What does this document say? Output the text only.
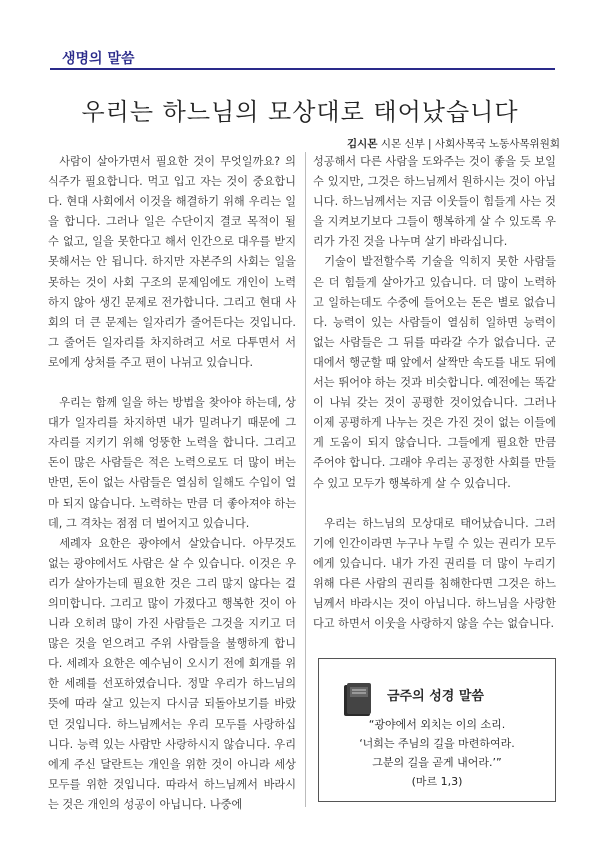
생명의 말씀
우리는 하느님의 모상대로 태어났습니다
김시몬 시몬 신부 | 사회사목국 노동사목위원회

사람이 살아가면서 필요한 것이 무엇일까요? 의식주가 필요합니다. 먹고 입고 자는 것이 중요합니다. 현대 사회에서 이것을 해결하기 위해 우리는 일을 합니다. 그러나 일은 수단이지 결코 목적이 될 수 없고, 일을 못한다고 해서 인간으로 대우를 받지 못해서는 안 됩니다. 하지만 자본주의 사회는 일을 못하는 것이 사회 구조의 문제임에도 개인이 노력하지 않아 생긴 문제로 전가합니다. 그리고 현대 사회의 더 큰 문제는 일자리가 줄어든다는 것입니다. 그 줄어든 일자리를 차지하려고 서로 다투면서 서로에게 상처를 주고 편이 나뉘고 있습니다.

우리는 함께 일을 하는 방법을 찾아야 하는데, 상대가 일자리를 차지하면 내가 밀려나기 때문에 그 자리를 지키기 위해 엉뚱한 노력을 합니다. 그리고 돈이 많은 사람들은 적은 노력으로도 더 많이 버는 반면, 돈이 없는 사람들은 열심히 일해도 수입이 얼마 되지 않습니다. 노력하는 만큼 더 좋아져야 하는데, 그 격차는 점점 더 벌어지고 있습니다.

세례자 요한은 광야에서 살았습니다. 아무것도 없는 광야에서도 사람은 살 수 있습니다. 이것은 우리가 살아가는데 필요한 것은 그리 많지 않다는 걸 의미합니다. 그리고 많이 가졌다고 행복한 것이 아니라 오히려 많이 가진 사람들은 그것을 지키고 더 많은 것을 얻으려고 주위 사람들을 불행하게 합니다. 세례자 요한은 예수님이 오시기 전에 회개를 위한 세례를 선포하였습니다. 정말 우리가 하느님의 뜻에 따라 살고 있는지 다시금 되돌아보기를 바랐던 것입니다. 하느님께서는 우리 모두를 사랑하십니다. 능력 있는 사람만 사랑하시지 않습니다. 우리에게 주신 달란트는 개인을 위한 것이 아니라 세상 모두를 위한 것입니다. 따라서 하느님께서 바라시는 것은 개인의 성공이 아닙니다. 나중에

성공해서 다른 사람을 도와주는 것이 좋을 듯 보일 수 있지만, 그것은 하느님께서 원하시는 것이 아닙니다. 하느님께서는 지금 이웃들이 힘들게 사는 것을 지켜보기보다 그들이 행복하게 살 수 있도록 우리가 가진 것을 나누며 살기 바라십니다.

기술이 발전할수록 기술을 익히지 못한 사람들은 더 힘들게 살아가고 있습니다. 더 많이 노력하고 일하는데도 수중에 들어오는 돈은 별로 없습니다. 능력이 있는 사람들이 열심히 일하면 능력이 없는 사람들은 그 뒤를 따라갈 수가 없습니다. 군대에서 행군할 때 앞에서 살짝만 속도를 내도 뒤에서는 뛰어야 하는 것과 비슷합니다. 예전에는 똑같이 나눠 갖는 것이 공평한 것이었습니다. 그러나 이제 공평하게 나누는 것은 가진 것이 없는 이들에게 도움이 되지 않습니다. 그들에게 필요한 만큼 주어야 합니다. 그래야 우리는 공정한 사회를 만들 수 있고 모두가 행복하게 살 수 있습니다.

우리는 하느님의 모상대로 태어났습니다. 그러기에 인간이라면 누구나 누릴 수 있는 권리가 모두에게 있습니다. 내가 가진 권리를 더 많이 누리기 위해 다른 사람의 권리를 침해한다면 그것은 하느님께서 바라시는 것이 아닙니다. 하느님을 사랑한다고 하면서 이웃을 사랑하지 않을 수는 없습니다.

금주의 성경 말씀
“광야에서 외치는 이의 소리.
‘너희는 주님의 길을 마련하여라.
그분의 길을 곧게 내어라.’”
(마르 1,3)
